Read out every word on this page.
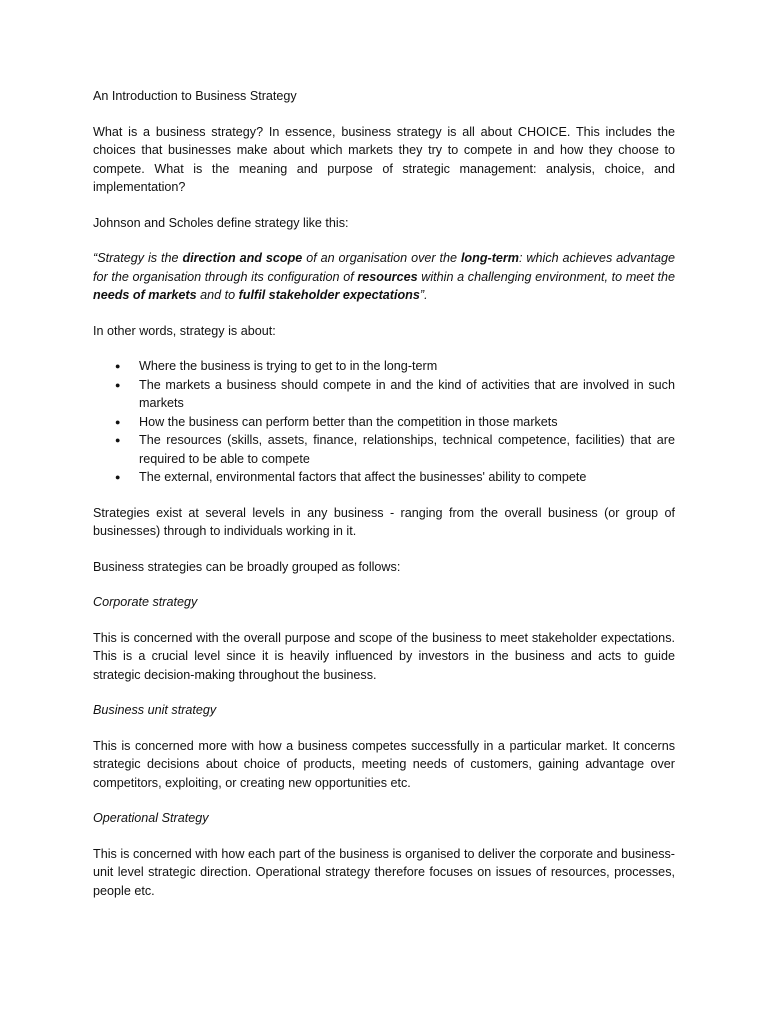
An Introduction to Business Strategy

What is a business strategy? In essence, business strategy is all about CHOICE. This includes the choices that businesses make about which markets they try to compete in and how they choose to compete. What is the meaning and purpose of strategic management: analysis, choice, and implementation?

Johnson and Scholes define strategy like this:

“Strategy is the direction and scope of an organisation over the long-term: which achieves advantage for the organisation through its configuration of resources within a challenging environment, to meet the needs of markets and to fulfil stakeholder expectations”.

In other words, strategy is about:

● Where the business is trying to get to in the long-term
● The markets a business should compete in and the kind of activities that are involved in such markets
● How the business can perform better than the competition in those markets
● The resources (skills, assets, finance, relationships, technical competence, facilities) that are required to be able to compete
● The external, environmental factors that affect the businesses' ability to compete

Strategies exist at several levels in any business - ranging from the overall business (or group of businesses) through to individuals working in it.

Business strategies can be broadly grouped as follows:

Corporate strategy

This is concerned with the overall purpose and scope of the business to meet stakeholder expectations. This is a crucial level since it is heavily influenced by investors in the business and acts to guide strategic decision-making throughout the business.

Business unit strategy

This is concerned more with how a business competes successfully in a particular market. It concerns strategic decisions about choice of products, meeting needs of customers, gaining advantage over competitors, exploiting, or creating new opportunities etc.

Operational Strategy

This is concerned with how each part of the business is organised to deliver the corporate and business-unit level strategic direction. Operational strategy therefore focuses on issues of resources, processes, people etc.
